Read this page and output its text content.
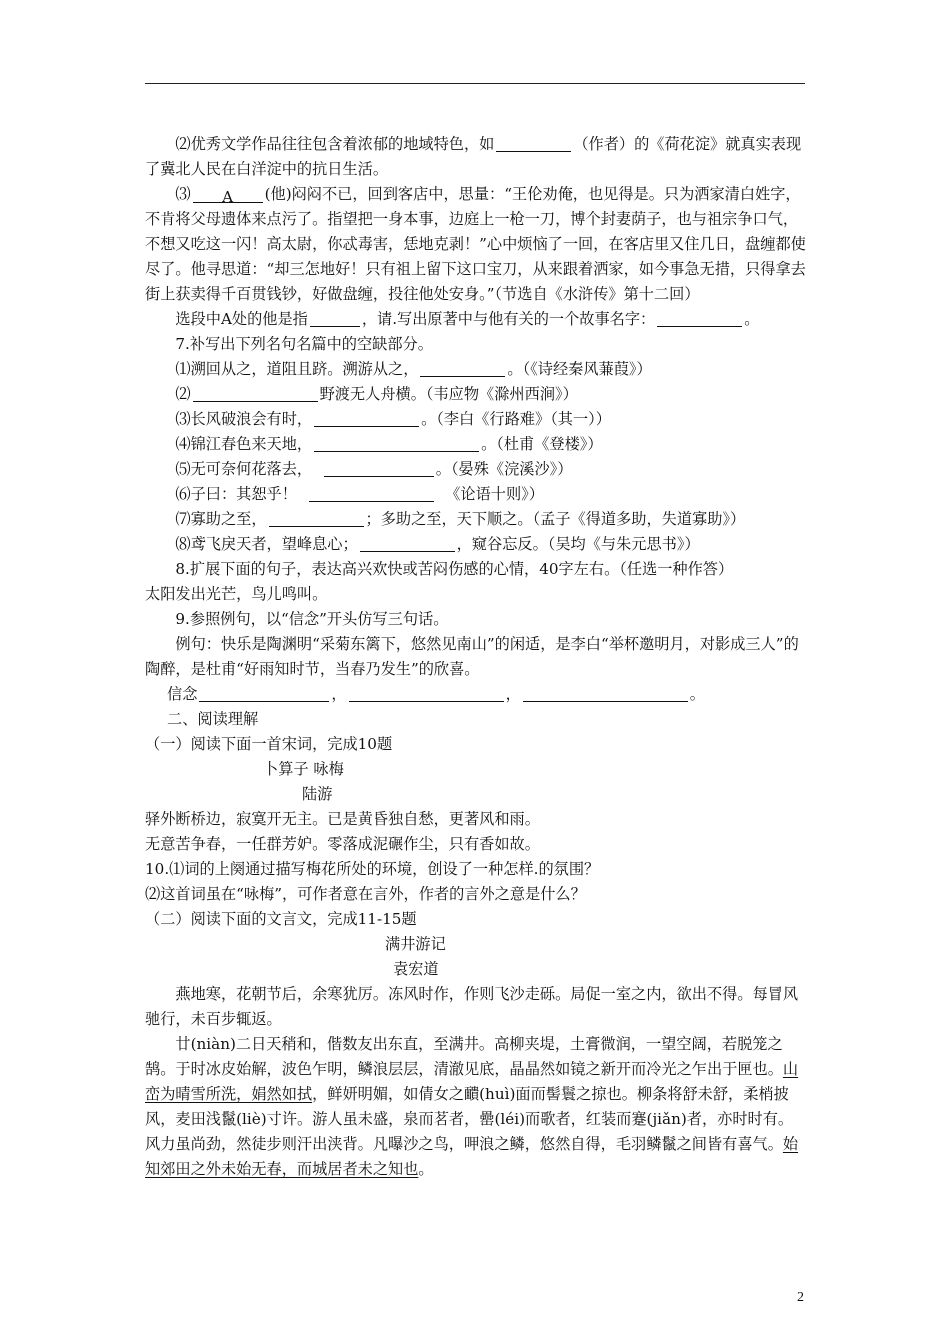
⑵优秀文学作品往往包含着浓郁的地域特色，如	（作者）的《荷花淀》就真实表现了冀北人民在白洋淀中的抗日生活。

⑶ A (他)闷闷不已，回到客店中，思量：“王伦劝俺，也见得是。只为洒家清白姓字，不肯将父母遗体来点污了。指望把一身本事，边庭上一枪一刀，博个封妻荫子，也与祖宗争口气，不想又吃这一闪！高太尉，你忒毒害，恁地克剥！”心中烦恼了一回，在客店里又住几日，盘缠都使尽了。他寻思道：“却三怎地好！只有祖上留下这口宝刀，从来跟着洒家，如今事急无措，只得拿去街上获卖得千百贯钱钞，好做盘缠，投往他处安身。”（节选自《水浒传》第十二回）

选段中A处的他是指	，请.写出原著中与他有关的一个故事名字：	。

7.补写出下列名句名篇中的空缺部分。

⑴溯回从之，道阻且跻。溯游从之，	。（《诗经秦风蒹葭》）

⑵	野渡无人舟横。（韦应物《滁州西涧》）

⑶长风破浪会有时，	。（李白《行路难》（其一））

⑷锦江春色来天地，	。（杜甫《登楼》）

⑸无可奈何花落去，	。（晏殊《浣溪沙》）

⑹子曰：其恕乎！	《论语十则》）

⑺寡助之至，	；多助之至，天下顺之。（孟子《得道多助，失道寡助》）

⑻鸢飞戾天者，望峰息心；	，窥谷忘反。（吴均《与朱元思书》）

8.扩展下面的句子，表达高兴欢快或苦闷伤感的心情，40字左右。（任选一种作答）

太阳发出光芒，鸟儿鸣叫。

9.参照例句，以“信念”开头仿写三句话。

例句：快乐是陶渊明“采菊东篱下，悠然见南山”的闲适，是李白“举杯邀明月，对影成三人”的陶醉，是杜甫“好雨知时节，当春乃发生”的欣喜。

信念	，	，	。

二、阅读理解

（一）阅读下面一首宋词，完成10题

卜算子 咏梅

陆游

驿外断桥边，寂寞开无主。已是黄昏独自愁，更著风和雨。

无意苦争春，一任群芳妒。零落成泥碾作尘，只有香如故。

10.⑴词的上阕通过描写梅花所处的环境，创设了一种怎样.的氛围？

⑵这首词虽在“咏梅”，可作者意在言外，作者的言外之意是什么？

（二）阅读下面的文言文，完成11-15题

满井游记

袁宏道

燕地寒，花朝节后，余寒犹厉。冻风时作，作则飞沙走砾。局促一室之内，欲出不得。每冒风驰行，未百步辄返。

廿(niàn)二日天稍和，偕数友出东直，至满井。高柳夹堤，土膏微润，一望空阔，若脱笼之鹄。于时冰皮始解，波色乍明，鳞浪层层，清澈见底，晶晶然如镜之新开而冷光之乍出于匣也。山峦为晴雪所洗，娟然如拭，鲜妍明媚，如倩女之靧(huì)面而髻鬟之掠也。柳条将舒未舒，柔梢披风，麦田浅鬣(liè)寸许。游人虽未盛，泉而茗者，罍(léi)而歌者，红装而蹇(jiǎn)者，亦时时有。风力虽尚劲，然徒步则汗出浃背。凡曝沙之鸟，呷浪之鳞，悠然自得，毛羽鳞鬣之间皆有喜气。始知郊田之外未始无春，而城居者未之知也。

2
